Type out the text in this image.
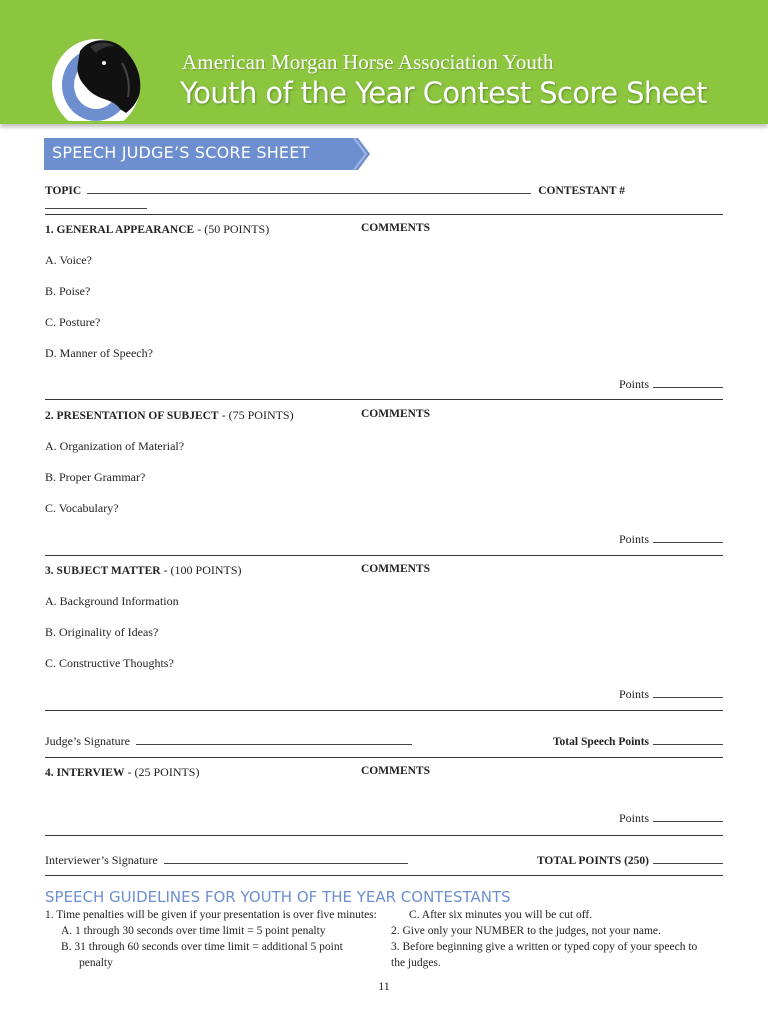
American Morgan Horse Association Youth
Youth of the Year Contest Score Sheet
SPEECH JUDGE’S SCORE SHEET
TOPIC	CONTESTANT #
1. GENERAL APPEARANCE - (50 POINTS)	COMMENTS
A. Voice?
B. Poise?
C. Posture?
D. Manner of Speech?
Points
2. PRESENTATION OF SUBJECT - (75 POINTS)	COMMENTS
A. Organization of Material?
B. Proper Grammar?
C. Vocabulary?
Points
3. SUBJECT MATTER - (100 POINTS)	COMMENTS
A. Background Information
B. Originality of Ideas?
C. Constructive Thoughts?
Points
Judge’s Signature	Total Speech Points
4. INTERVIEW - (25 POINTS)	COMMENTS
Points
Interviewer’s Signature	TOTAL POINTS (250)
SPEECH GUIDELINES FOR YOUTH OF THE YEAR CONTESTANTS

1. Time penalties will be given if your presentation is over five minutes:

A. 1 through 30 seconds over time limit = 5 point penalty

B. 31 through 60 seconds over time limit = additional 5 point

penalty

C. After six minutes you will be cut off.

2. Give only your NUMBER to the judges, not your name.

3. Before beginning give a written or typed copy of your speech to

the judges.

11
